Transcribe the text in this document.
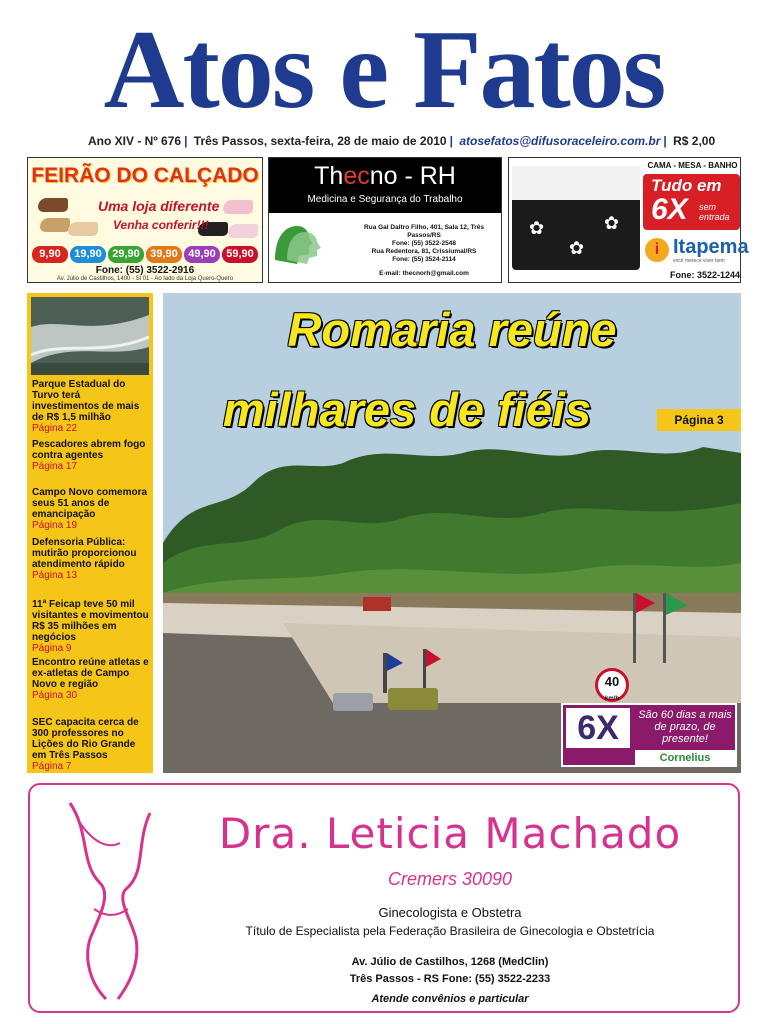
Atos e Fatos
Ano XIV - Nº 676 | Três Passos, sexta-feira, 28 de maio de 2010 | atosefatos@difusoraceleiro.com.br | R$ 2,00
FEIRÃO DO CALÇADO
Uma loja diferente
Venha conferir!!!
9,90	19,90 29,90 39,90 49,90 59,90
Fone: (55) 3522-2916
Av. Júlio de Castilhos, 1400 - Sl 01 - Ao lado da Loja Quero-Quero
Thecno - RH
Medicina e Segurança do Trabalho
Rua Gal Daltro Filho, 401, Sala 12, Três Passos/RS
Fone: (55) 3522-2548
Rua Redentora, 81, Crissiumal/RS
Fone: (55) 3524-2114
E-mail: thecnorh@gmail.com
✿
✿
✿
CAMA - MESA - BANHO
Tudo em
6X sem
entrada
i Itapema
você merece viver bem
Fone: 3522-1244
Parque Estadual do Turvo terá investimentos de mais de R$ 1,5 milhão
Página 22
Pescadores abrem fogo contra agentes
Página 17
Campo Novo comemora seus 51 anos de emancipação
Página 19
Defensoria Pública: mutirão proporcionou atendimento rápido
Página 13
11ª Feicap teve 50 mil visitantes e movimentou R$ 35 milhões em negócios
Página 9
Encontro reúne atletas e ex-atletas de Campo Novo e região
Página 30
SEC capacita cerca de 300 professores no Lições do Rio Grande em Três Passos
Página 7
40
km/h
Romaria reúne
milhares de fiéis	Página 3
6X	São 60 dias a mais de prazo, de presente!
Cornelius
Dra. Leticia Machado
Cremers 30090
Ginecologista e Obstetra
Título de Especialista pela Federação Brasileira de Ginecologia e Obstetrícia
Av. Júlio de Castilhos, 1268 (MedClin)
Três Passos - RS Fone: (55) 3522-2233
Atende convênios e particular
